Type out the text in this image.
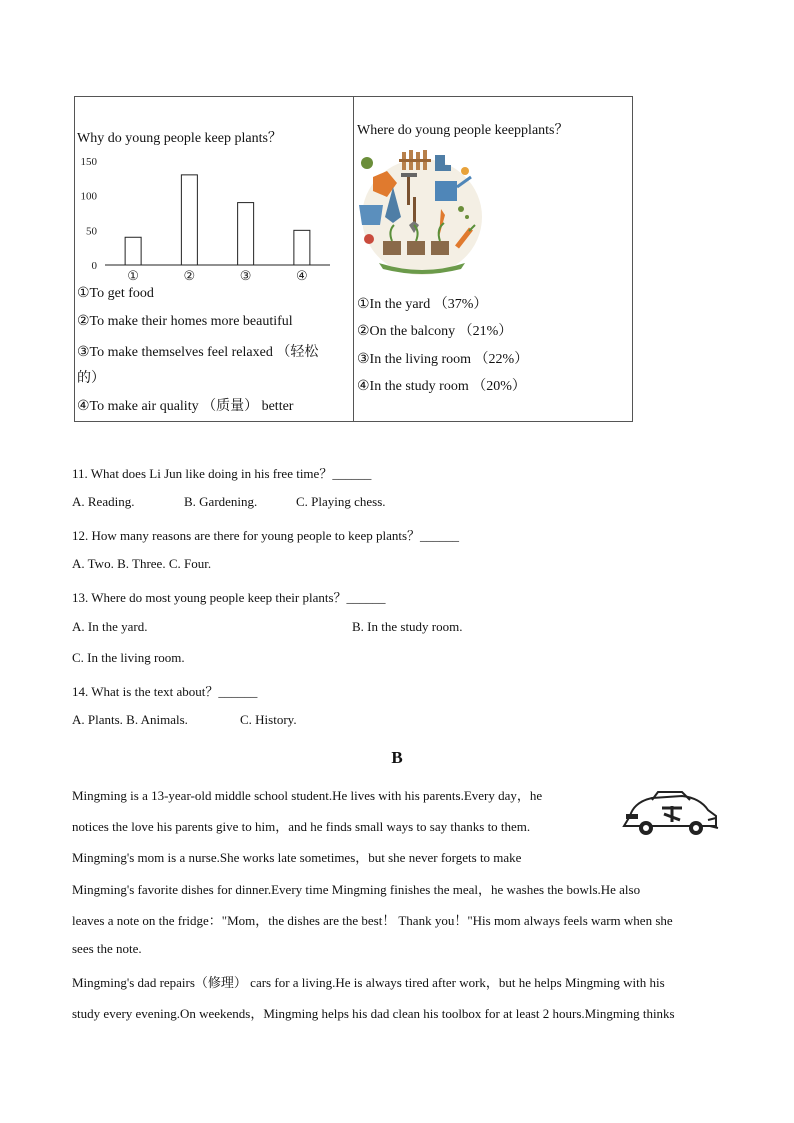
Why do young people keep plants？
0
50
100
150
①	②	③	④
①To get food
②To make their homes more beautiful
③To make themselves feel relaxed （轻松
的）
④To make air quality （质量） better
Where do young people keepplants？
①In the yard （37%）
②On the balcony （21%）
③In the living room （22%）
④In the study room （20%）
11. What does Li Jun like doing in his free time？______
A. Reading.	B. Gardening.	C. Playing chess.
12. How many reasons are there for young people to keep plants？______
A. Two. B. Three. C. Four.
13. Where do most young people keep their plants？______
A. In the yard.	B. In the study room.
C. In the living room.
14. What is the text about？______
A. Plants. B. Animals.	C. History.
B
Mingming is a 13-year-old middle school student.He lives with his parents.Every day，he
notices the love his parents give to him，and he finds small ways to say thanks to them.
Mingming's mom is a nurse.She works late sometimes，but she never forgets to make
Mingming's favorite dishes for dinner.Every time Mingming finishes the meal，he washes the bowls.He also
leaves a note on the fridge："Mom，the dishes are the best！ Thank you！"His mom always feels warm when she
sees the note.
Mingming's dad repairs（修理） cars for a living.He is always tired after work，but he helps Mingming with his
study every evening.On weekends，Mingming helps his dad clean his toolbox for at least 2 hours.Mingming thinks
